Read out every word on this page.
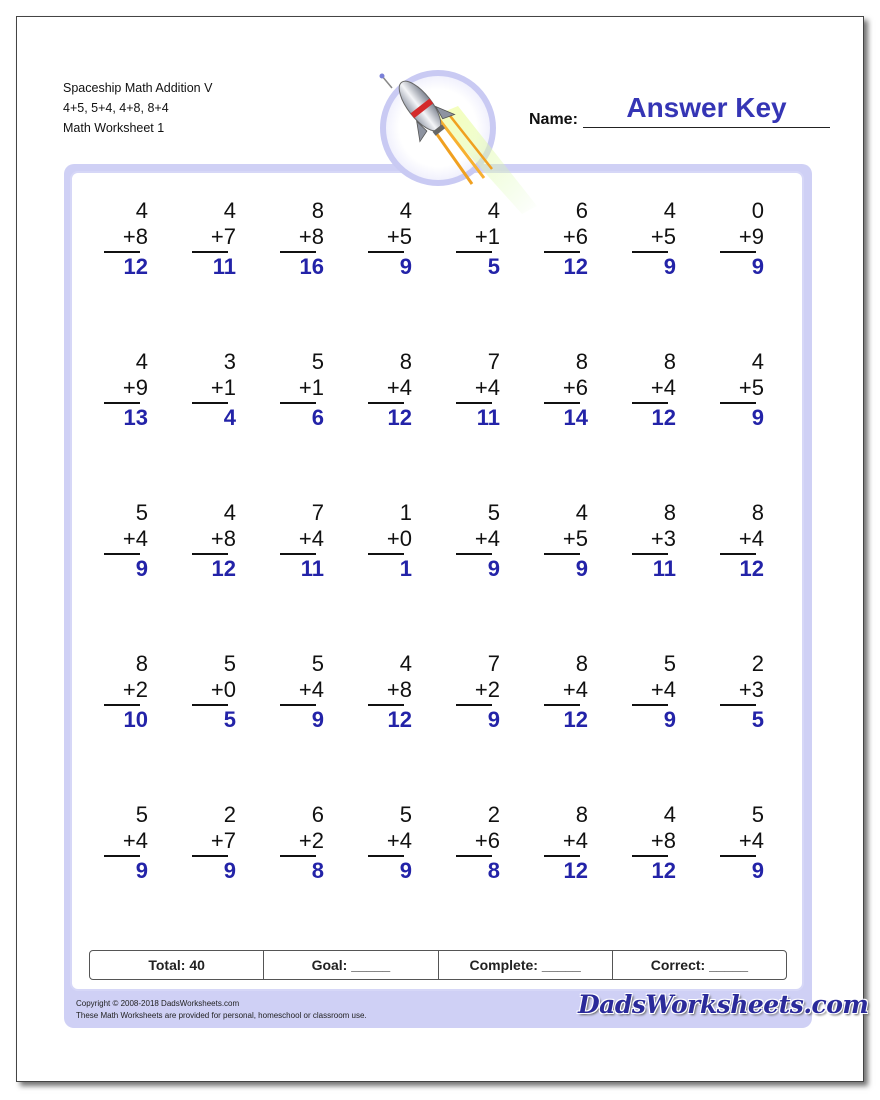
Spaceship Math Addition V
4+5, 5+4, 4+8, 8+4
Math Worksheet 1	Name:	Answer Key
4
+8
12
4
+7
11
8
+8
16
4
+5
9
4
+1
5
6
+6
12
4
+5
9
0
+9
9
4
+9
13
3
+1
4
5
+1
6
8
+4
12
7
+4
11
8
+6
14
8
+4
12
4
+5
9
5
+4
9
4
+8
12
7
+4
11
1
+0
1
5
+4
9
4
+5
9
8
+3
11
8
+4
12
8
+2
10
5
+0
5
5
+4
9
4
+8
12
7
+2
9
8
+4
12
5
+4
9
2
+3
5
5
+4
9
2
+7
9
6
+2
8
5
+4
9
2
+6
8
8
+4
12
4
+8
12
5
+4
9
Total: 40	Goal: _____	Complete: _____	Correct: _____
Copyright © 2008-2018 DadsWorksheets.com
These Math Worksheets are provided for personal, homeschool or classroom use.	DadsWorksheets.com
